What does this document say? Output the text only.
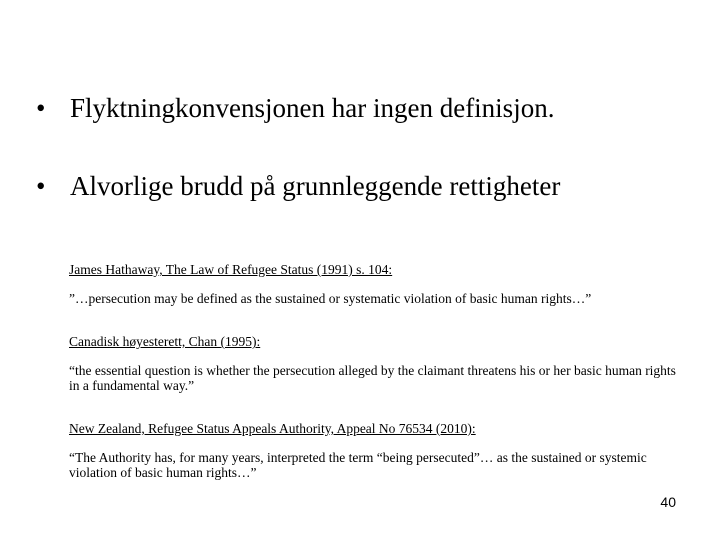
• Flyktningkonvensjonen har ingen definisjon.
• Alvorlige brudd på grunnleggende rettigheter
James Hathaway, The Law of Refugee Status (1991) s. 104:
”…persecution may be defined as the sustained or systematic violation of basic human rights…”
Canadisk høyesterett, Chan (1995):
“the essential question is whether the persecution alleged by the claimant threatens his or her basic human rights in a fundamental way.”
New Zealand, Refugee Status Appeals Authority, Appeal No 76534 (2010):
“The Authority has, for many years, interpreted the term “being persecuted”… as the sustained or systemic violation of basic human rights…”
40
